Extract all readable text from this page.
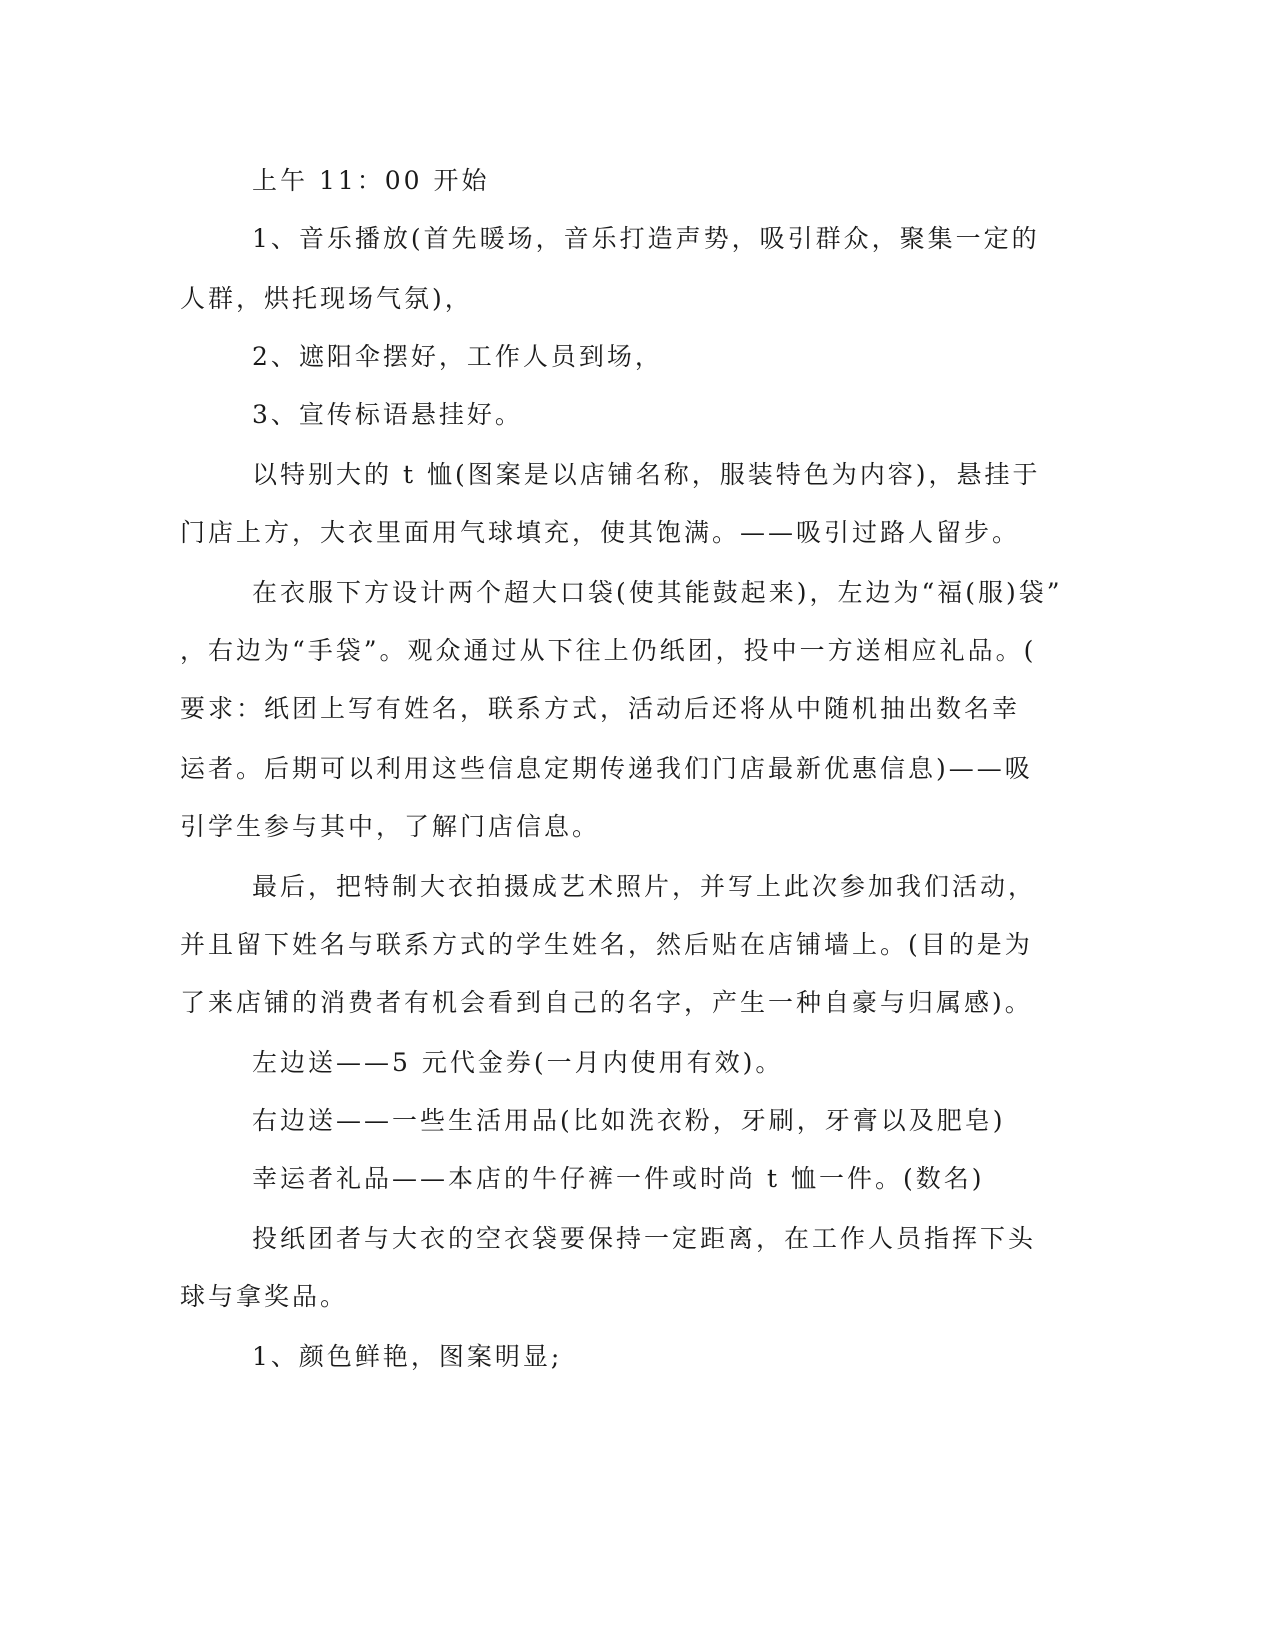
上午 11：00 开始
1、音乐播放(首先暖场，音乐打造声势，吸引群众，聚集一定的
人群，烘托现场气氛)，
2、遮阳伞摆好，工作人员到场，
3、宣传标语悬挂好。
以特别大的 t 恤(图案是以店铺名称，服装特色为内容)，悬挂于
门店上方，大衣里面用气球填充，使其饱满。——吸引过路人留步。
在衣服下方设计两个超大口袋(使其能鼓起来)，左边为“福(服)袋”
，右边为“手袋”。观众通过从下往上仍纸团，投中一方送相应礼品。(
要求：纸团上写有姓名，联系方式，活动后还将从中随机抽出数名幸
运者。后期可以利用这些信息定期传递我们门店最新优惠信息)——吸
引学生参与其中，了解门店信息。
最后，把特制大衣拍摄成艺术照片，并写上此次参加我们活动，
并且留下姓名与联系方式的学生姓名，然后贴在店铺墙上。(目的是为
了来店铺的消费者有机会看到自己的名字，产生一种自豪与归属感)。
左边送——5 元代金券(一月内使用有效)。
右边送——一些生活用品(比如洗衣粉，牙刷，牙膏以及肥皂)
幸运者礼品——本店的牛仔裤一件或时尚 t 恤一件。(数名)
投纸团者与大衣的空衣袋要保持一定距离，在工作人员指挥下头
球与拿奖品。
1、颜色鲜艳，图案明显;
